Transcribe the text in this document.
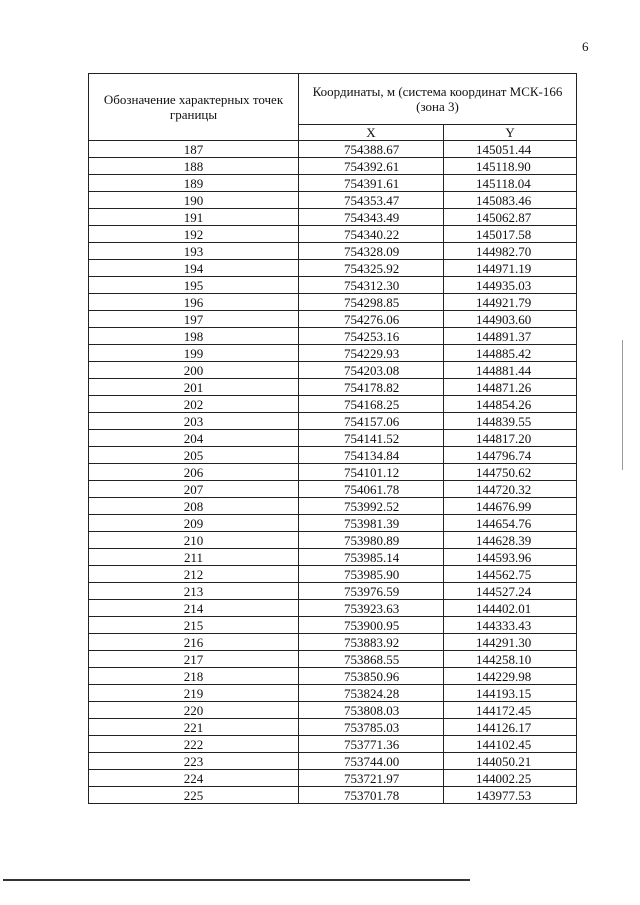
6
Обозначение характерных точек границы	Координаты, м (система координат МСК-166 (зона 3)	
	X	Y
187	754388.67	145051.44
188	754392.61	145118.90
189	754391.61	145118.04
190	754353.47	145083.46
191	754343.49	145062.87
192	754340.22	145017.58
193	754328.09	144982.70
194	754325.92	144971.19
195	754312.30	144935.03
196	754298.85	144921.79
197	754276.06	144903.60
198	754253.16	144891.37
199	754229.93	144885.42
200	754203.08	144881.44
201	754178.82	144871.26
202	754168.25	144854.26
203	754157.06	144839.55
204	754141.52	144817.20
205	754134.84	144796.74
206	754101.12	144750.62
207	754061.78	144720.32
208	753992.52	144676.99
209	753981.39	144654.76
210	753980.89	144628.39
211	753985.14	144593.96
212	753985.90	144562.75
213	753976.59	144527.24
214	753923.63	144402.01
215	753900.95	144333.43
216	753883.92	144291.30
217	753868.55	144258.10
218	753850.96	144229.98
219	753824.28	144193.15
220	753808.03	144172.45
221	753785.03	144126.17
222	753771.36	144102.45
223	753744.00	144050.21
224	753721.97	144002.25
225	753701.78	143977.53
